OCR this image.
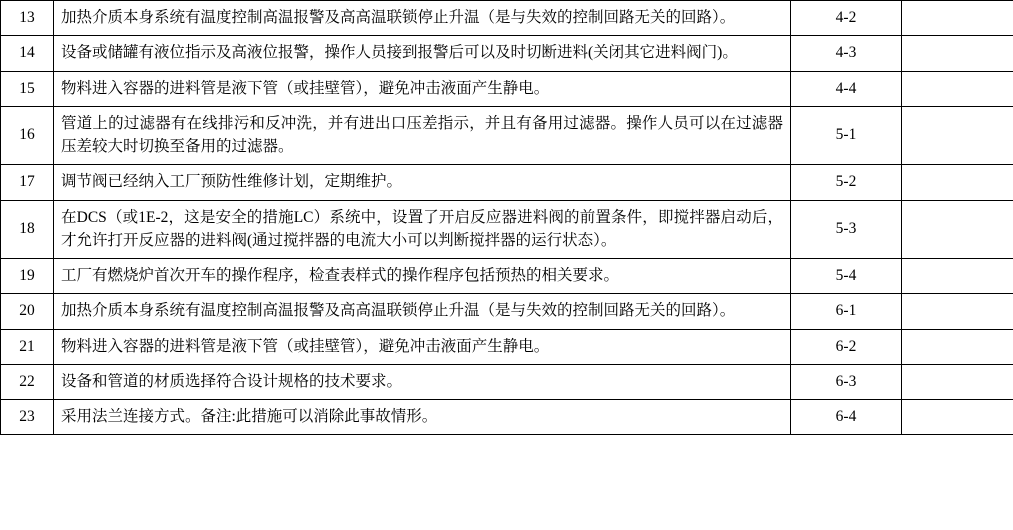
13	加热介质本身系统有温度控制高温报警及高高温联锁停止升温（是与失效的控制回路无关的回路）。	4-2	
14	设备或储罐有液位指示及高液位报警，操作人员接到报警后可以及时切断进料(关闭其它进料阀门)。	4-3	
15	物料进入容器的进料管是液下管（或挂壁管），避免冲击液面产生静电。	4-4	
16	管道上的过滤器有在线排污和反冲洗，并有进出口压差指示，并且有备用过滤器。操作人员可以在过滤器压差较大时切换至备用的过滤器。	5-1	
17	调节阀已经纳入工厂预防性维修计划，定期维护。	5-2	
18	在DCS（或1E-2，这是安全的措施LC）系统中，设置了开启反应器进料阀的前置条件，即搅拌器启动后，才允许打开反应器的进料阀(通过搅拌器的电流大小可以判断搅拌器的运行状态）。	5-3	
19	工厂有燃烧炉首次开车的操作程序，检查表样式的操作程序包括预热的相关要求。	5-4	
20	加热介质本身系统有温度控制高温报警及高高温联锁停止升温（是与失效的控制回路无关的回路）。	6-1	
21	物料进入容器的进料管是液下管（或挂壁管），避免冲击液面产生静电。	6-2	
22	设备和管道的材质选择符合设计规格的技术要求。	6-3	
23	采用法兰连接方式。备注:此措施可以消除此事故情形。	6-4	
